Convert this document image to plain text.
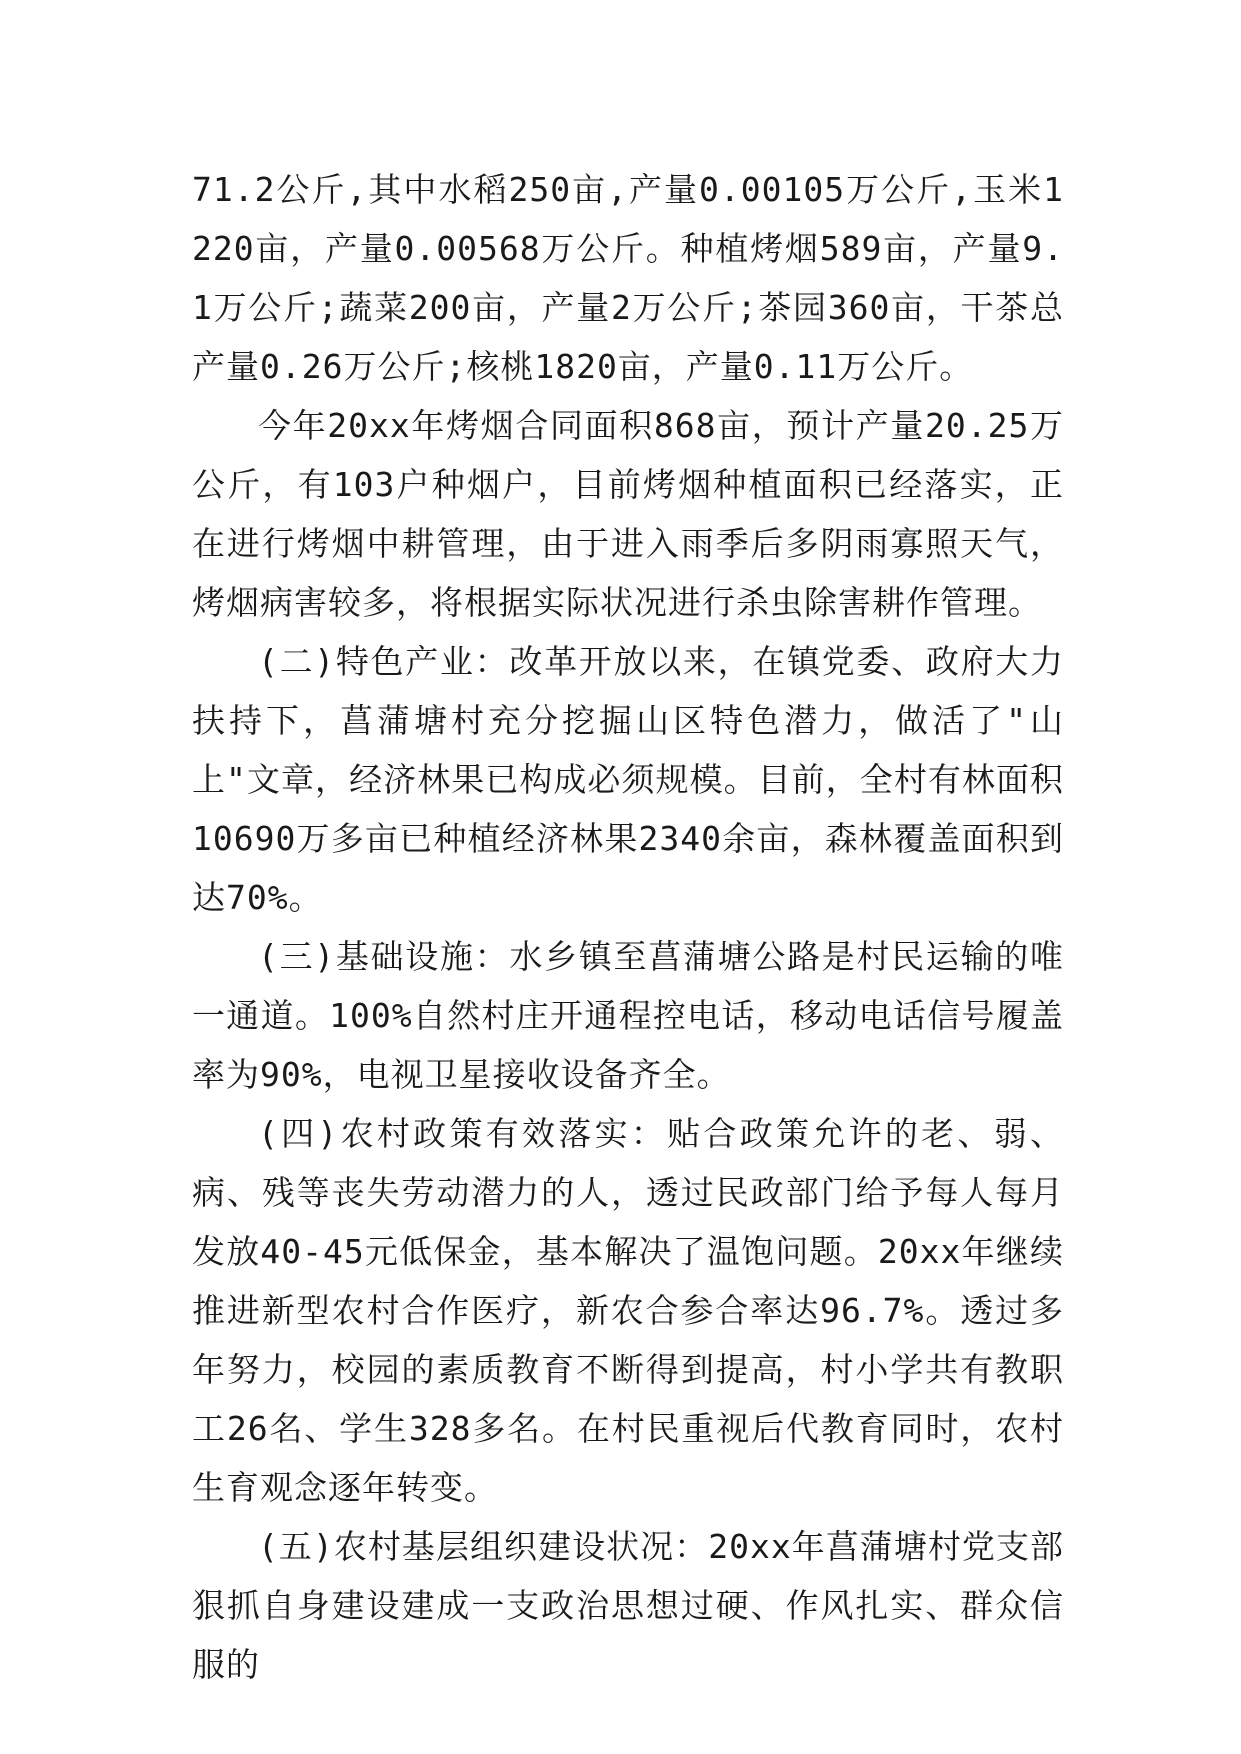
71.2公斤,其中水稻250亩,产量0.00105万公斤,玉米1220亩，产量0.00568万公斤。种植烤烟589亩，产量9.1万公斤;蔬菜200亩，产量2万公斤;茶园360亩，干茶总产量0.26万公斤;核桃1820亩，产量0.11万公斤。

今年20xx年烤烟合同面积868亩，预计产量20.25万公斤，有103户种烟户，目前烤烟种植面积已经落实，正在进行烤烟中耕管理，由于进入雨季后多阴雨寡照天气，烤烟病害较多，将根据实际状况进行杀虫除害耕作管理。

(二)特色产业：改革开放以来，在镇党委、政府大力扶持下，菖蒲塘村充分挖掘山区特色潜力，做活了"山上"文章，经济林果已构成必须规模。目前，全村有林面积10690万多亩已种植经济林果2340余亩，森林覆盖面积到达70%。

(三)基础设施：水乡镇至菖蒲塘公路是村民运输的唯一通道。100%自然村庄开通程控电话，移动电话信号履盖率为90%，电视卫星接收设备齐全。

(四)农村政策有效落实：贴合政策允许的老、弱、病、残等丧失劳动潜力的人，透过民政部门给予每人每月发放40-45元低保金，基本解决了温饱问题。20xx年继续推进新型农村合作医疗，新农合参合率达96.7%。透过多年努力，校园的素质教育不断得到提高，村小学共有教职工26名、学生328多名。在村民重视后代教育同时，农村生育观念逐年转变。

(五)农村基层组织建设状况：20xx年菖蒲塘村党支部狠抓自身建设建成一支政治思想过硬、作风扎实、群众信服的
